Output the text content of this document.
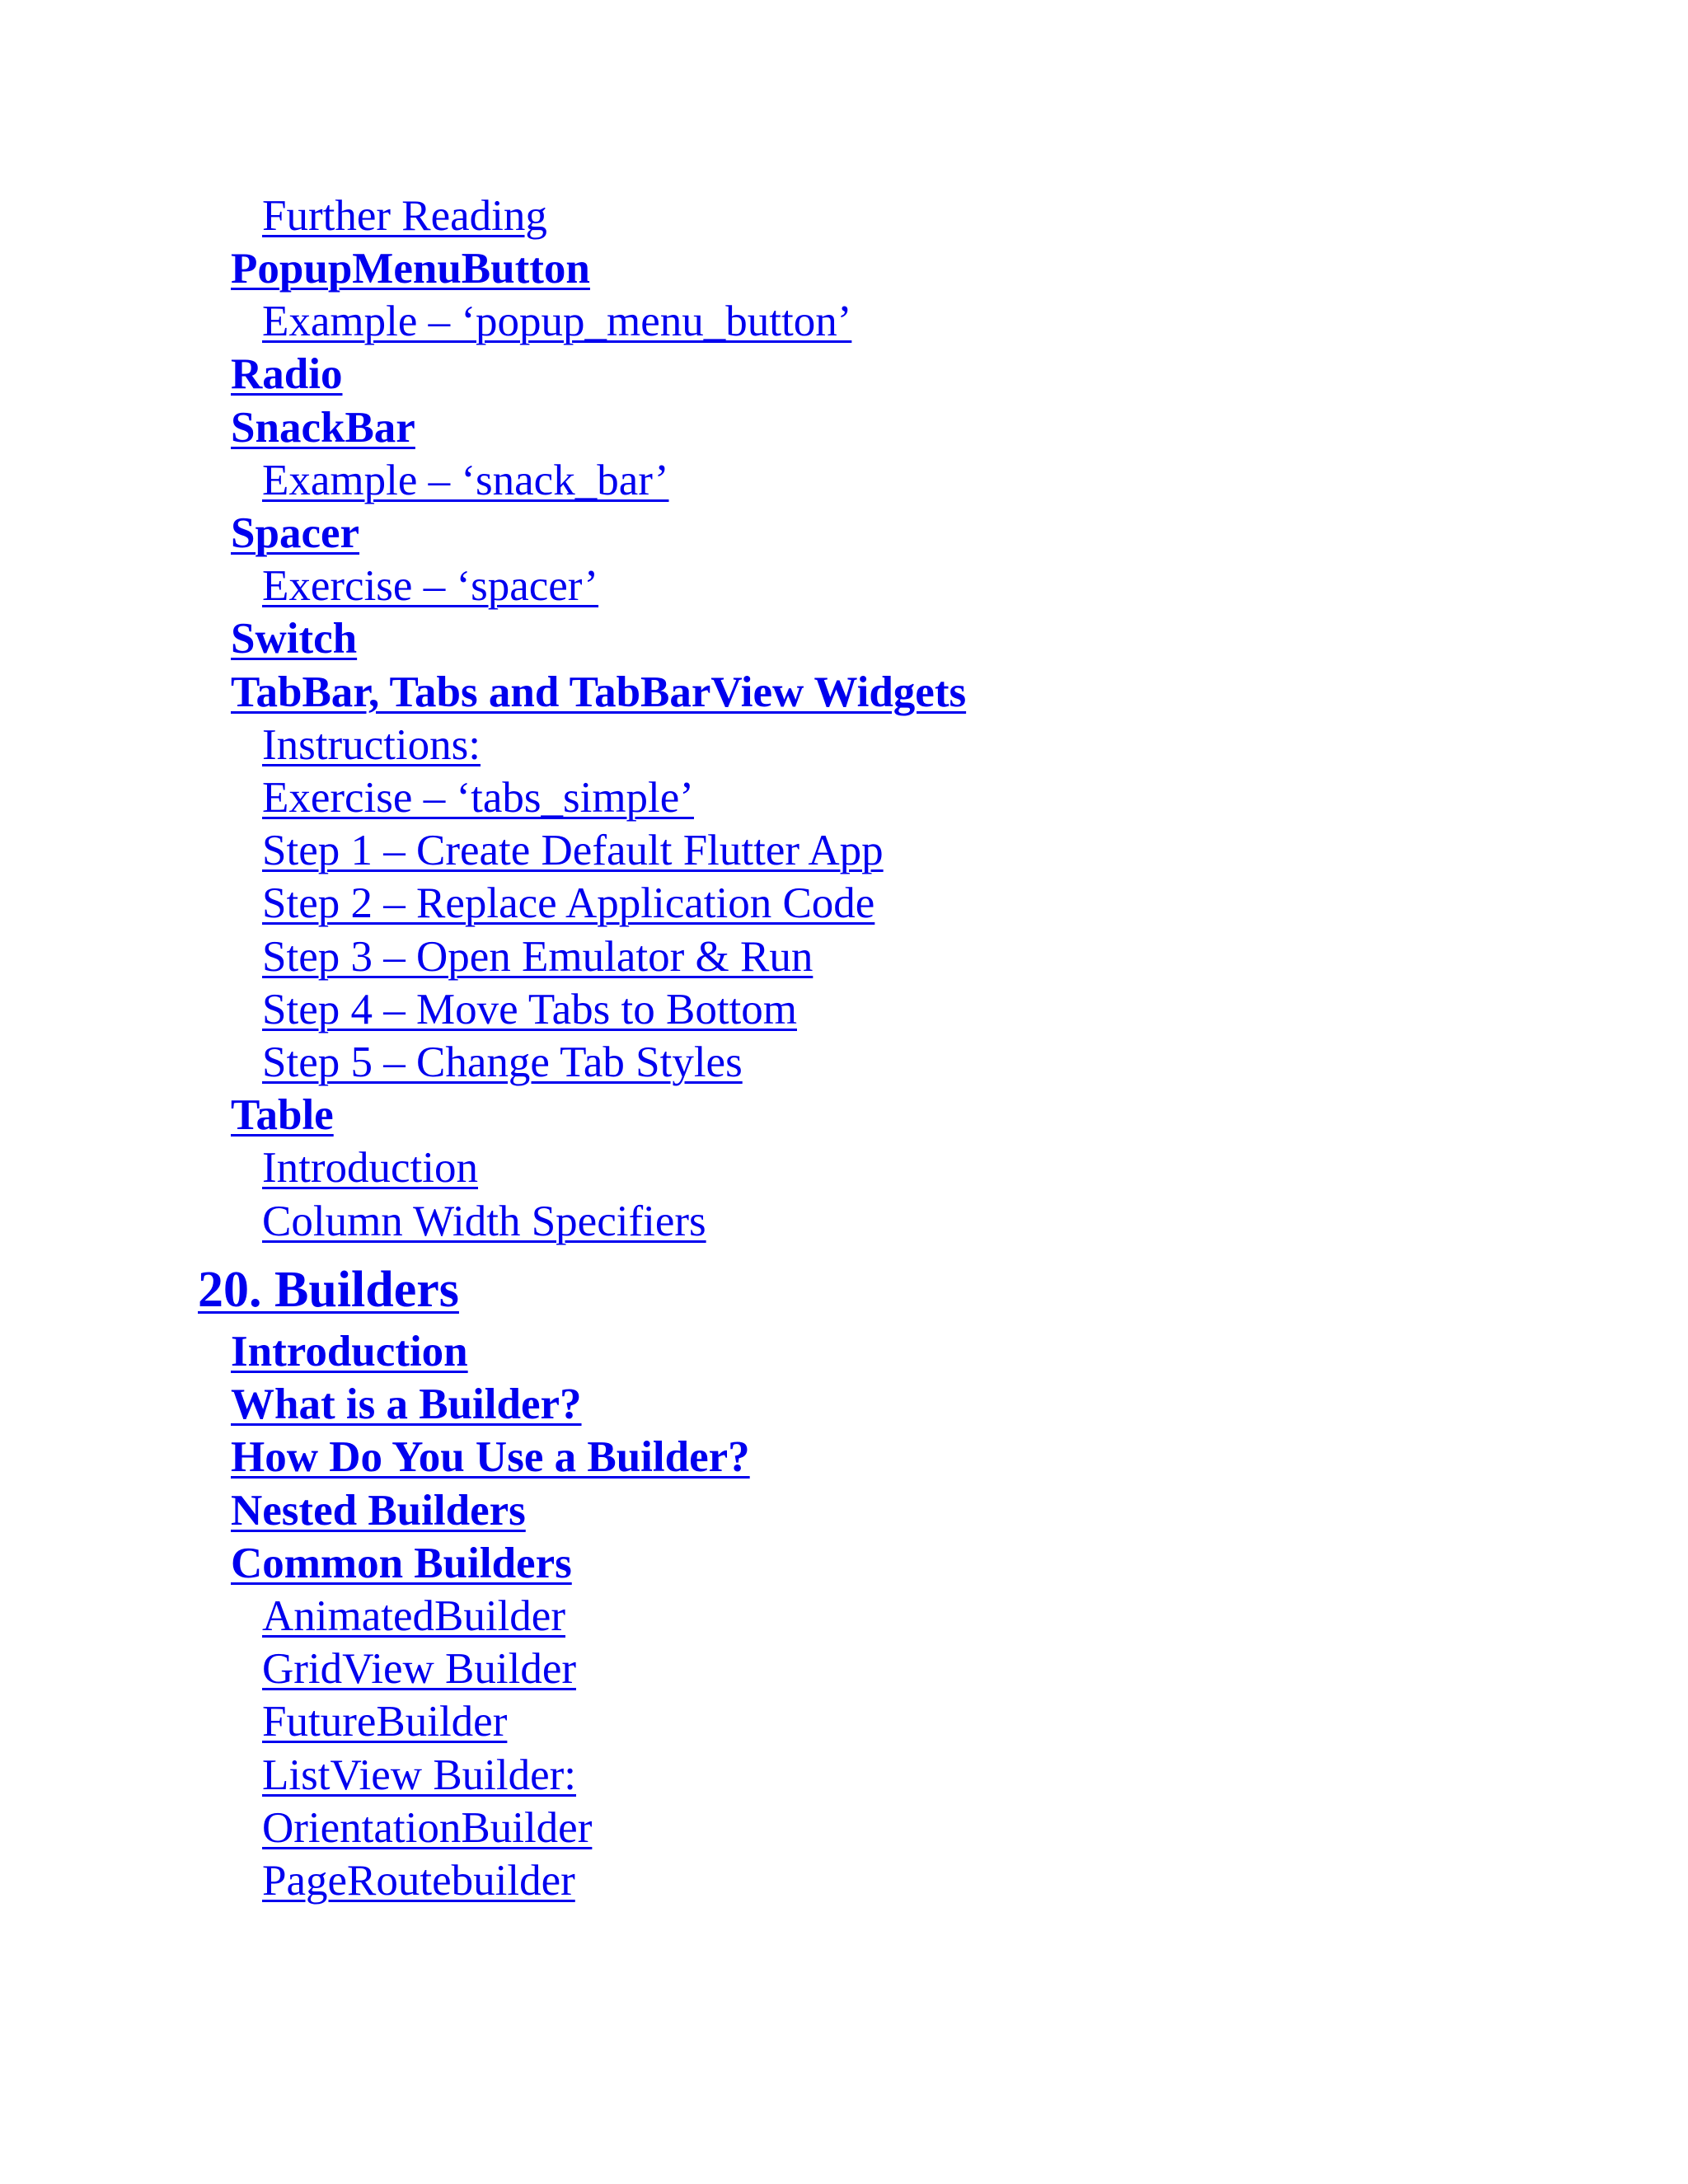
Further Reading
PopupMenuButton
Example – ‘popup_menu_button’
Radio
SnackBar
Example – ‘snack_bar’
Spacer
Exercise – ‘spacer’
Switch
TabBar, Tabs and TabBarView Widgets
Instructions:
Exercise – ‘tabs_simple’
Step 1 – Create Default Flutter App
Step 2 – Replace Application Code
Step 3 – Open Emulator & Run
Step 4 – Move Tabs to Bottom
Step 5 – Change Tab Styles
Table
Introduction
Column Width Specifiers
20. Builders
Introduction
What is a Builder?
How Do You Use a Builder?
Nested Builders
Common Builders
AnimatedBuilder
GridView Builder
FutureBuilder
ListView Builder:
OrientationBuilder
PageRoutebuilder
